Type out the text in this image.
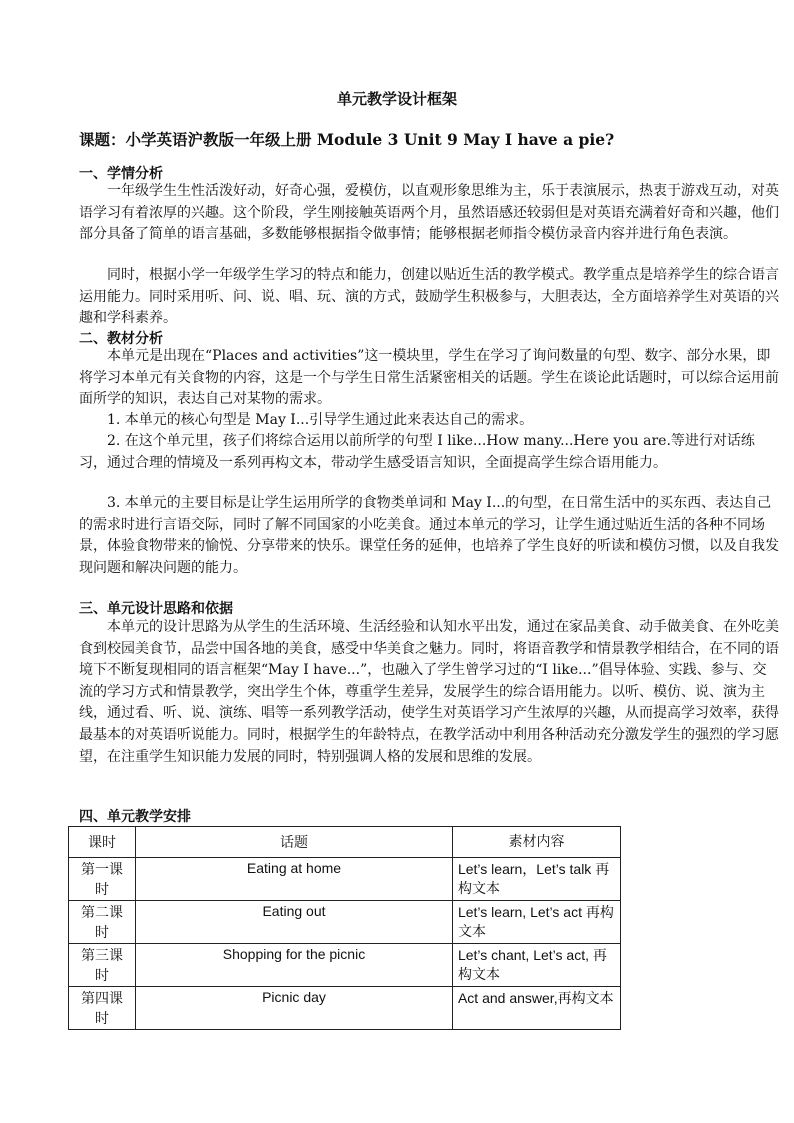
单元教学设计框架
课题：小学英语沪教版一年级上册 Module 3 Unit 9 May I have a pie?
一、学情分析

一年级学生生性活泼好动，好奇心强，爱模仿，以直观形象思维为主，乐于表演展示，热衷于游戏互动，对英语学习有着浓厚的兴趣。这个阶段，学生刚接触英语两个月，虽然语感还较弱但是对英语充满着好奇和兴趣，他们部分具备了简单的语言基础，多数能够根据指令做事情；能够根据老师指令模仿录音内容并进行角色表演。

同时，根据小学一年级学生学习的特点和能力，创建以贴近生活的教学模式。教学重点是培养学生的综合语言运用能力。同时采用听、问、说、唱、玩、演的方式，鼓励学生积极参与，大胆表达，全方面培养学生对英语的兴趣和学科素养。

二、教材分析

本单元是出现在“Places and activities”这一模块里，学生在学习了询问数量的句型、数字、部分水果，即将学习本单元有关食物的内容，这是一个与学生日常生活紧密相关的话题。学生在谈论此话题时，可以综合运用前面所学的知识，表达自己对某物的需求。

1. 本单元的核心句型是 May I...引导学生通过此来表达自己的需求。

2. 在这个单元里，孩子们将综合运用以前所学的句型 I like...How many...Here you are.等进行对话练习，通过合理的情境及一系列再构文本，带动学生感受语言知识，全面提高学生综合语用能力。

3. 本单元的主要目标是让学生运用所学的食物类单词和 May I...的句型，在日常生活中的买东西、表达自己的需求时进行言语交际，同时了解不同国家的小吃美食。通过本单元的学习，让学生通过贴近生活的各种不同场景，体验食物带来的愉悦、分享带来的快乐。课堂任务的延伸，也培养了学生良好的听读和模仿习惯，以及自我发现问题和解决问题的能力。

三、单元设计思路和依据

本单元的设计思路为从学生的生活环境、生活经验和认知水平出发，通过在家品美食、动手做美食、在外吃美食到校园美食节，品尝中国各地的美食，感受中华美食之魅力。同时，将语音教学和情景教学相结合，在不同的语境下不断复现相同的语言框架“May I have...”，也融入了学生曾学习过的“I like...”倡导体验、实践、参与、交流的学习方式和情景教学，突出学生个体，尊重学生差异，发展学生的综合语用能力。以听、模仿、说、演为主线，通过看、听、说、演练、唱等一系列教学活动，使学生对英语学习产生浓厚的兴趣，从而提高学习效率，获得最基本的对英语听说能力。同时，根据学生的年龄特点，在教学活动中利用各种活动充分激发学生的强烈的学习愿望，在注重学生知识能力发展的同时，特别强调人格的发展和思维的发展。

四、单元教学安排
课时	话题	素材内容
第一课时	Eating at home	Let’s learn，Let’s talk 再构文本
第二课时	Eating out	Let’s learn, Let’s act 再构文本
第三课时	Shopping for the picnic	Let’s chant, Let’s act, 再构文本
第四课时	Picnic day	Act and answer,再构文本
